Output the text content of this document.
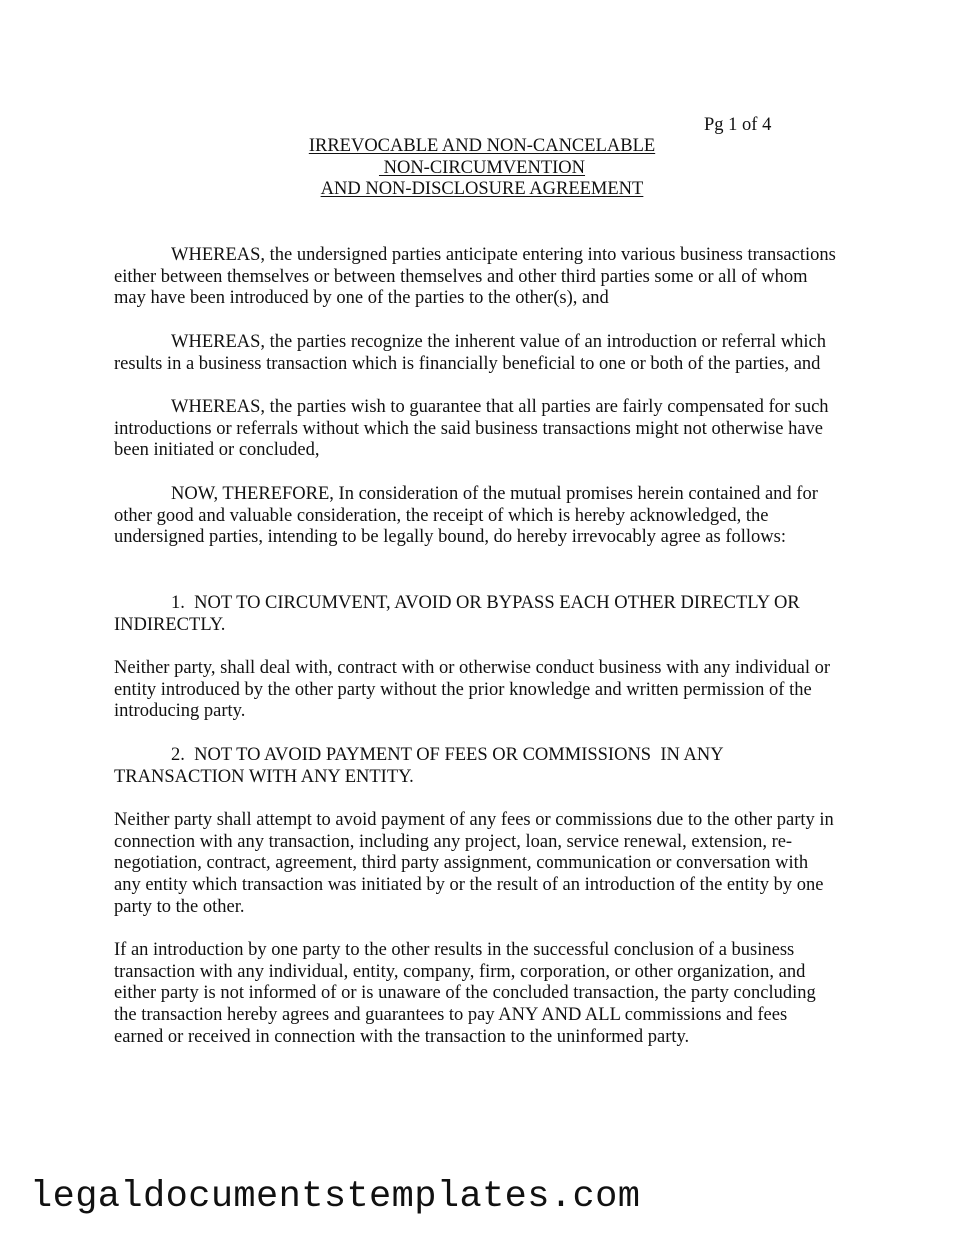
Pg 1 of 4
IRREVOCABLE AND NON-CANCELABLE
NON-CIRCUMVENTION
AND NON-DISCLOSURE AGREEMENT
WHEREAS, the undersigned parties anticipate entering into various business transactions
either between themselves or between themselves and other third parties some or all of whom
may have been introduced by one of the parties to the other(s), and
WHEREAS, the parties recognize the inherent value of an introduction or referral which
results in a business transaction which is financially beneficial to one or both of the parties, and
WHEREAS, the parties wish to guarantee that all parties are fairly compensated for such
introductions or referrals without which the said business transactions might not otherwise have
been initiated or concluded,
NOW, THEREFORE, In consideration of the mutual promises herein contained and for
other good and valuable consideration, the receipt of which is hereby acknowledged, the
undersigned parties, intending to be legally bound, do hereby irrevocably agree as follows:
1.  NOT TO CIRCUMVENT, AVOID OR BYPASS EACH OTHER DIRECTLY OR
INDIRECTLY.
Neither party, shall deal with, contract with or otherwise conduct business with any individual or
entity introduced by the other party without the prior knowledge and written permission of the
introducing party.
2.  NOT TO AVOID PAYMENT OF FEES OR COMMISSIONS  IN ANY
TRANSACTION WITH ANY ENTITY.
Neither party shall attempt to avoid payment of any fees or commissions due to the other party in
connection with any transaction, including any project, loan, service renewal, extension, re-
negotiation, contract, agreement, third party assignment, communication or conversation with
any entity which transaction was initiated by or the result of an introduction of the entity by one
party to the other.
If an introduction by one party to the other results in the successful conclusion of a business
transaction with any individual, entity, company, firm, corporation, or other organization, and
either party is not informed of or is unaware of the concluded transaction, the party concluding
the transaction hereby agrees and guarantees to pay ANY AND ALL commissions and fees
earned or received in connection with the transaction to the uninformed party.
legaldocumentstemplates.com
